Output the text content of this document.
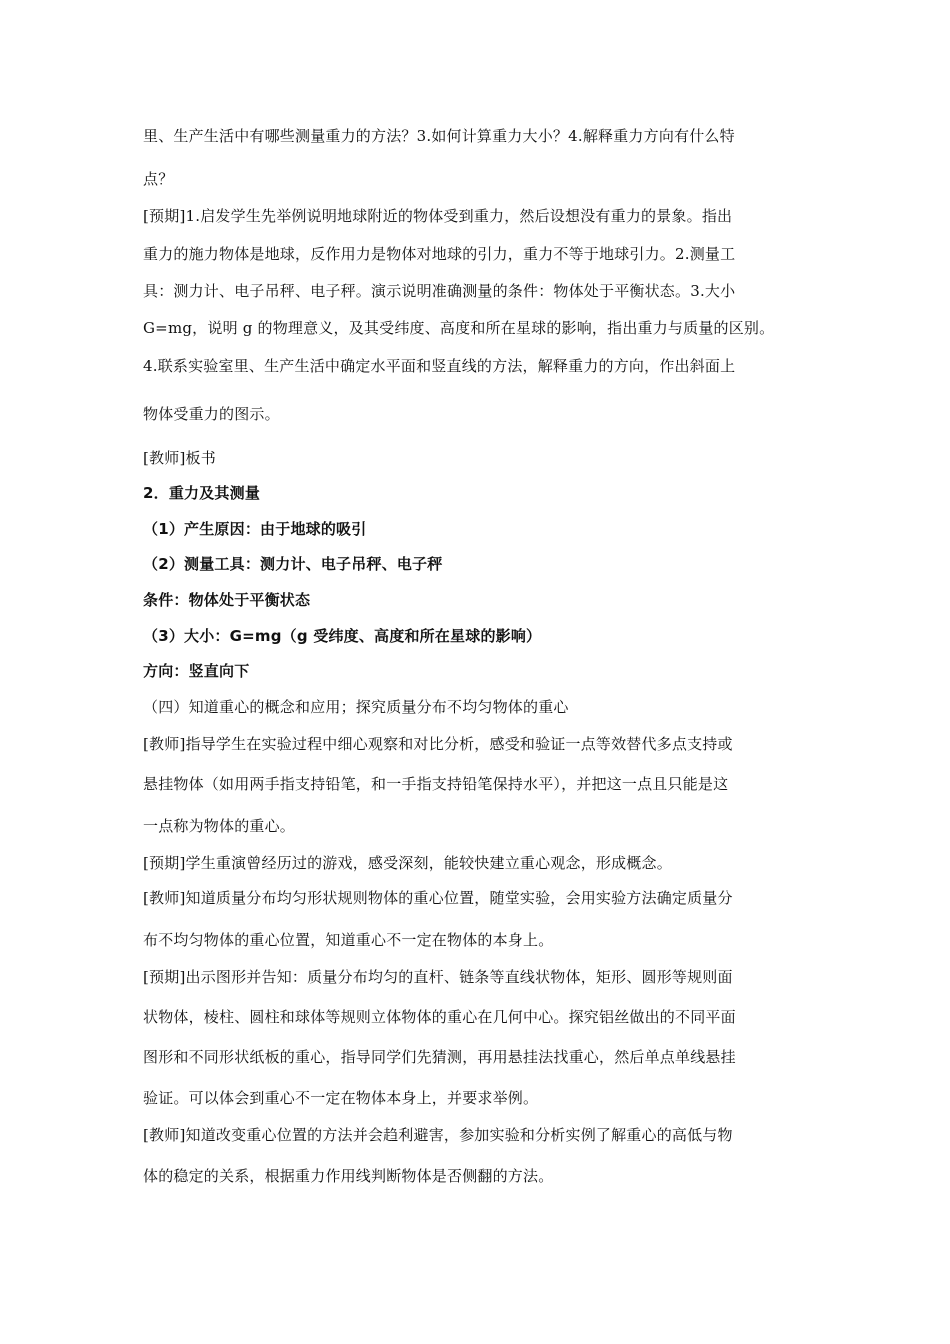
里、生产生活中有哪些测量重力的方法？3.如何计算重力大小？4.解释重力方向有什么特
点？
[预期]1.启发学生先举例说明地球附近的物体受到重力，然后设想没有重力的景象。指出
重力的施力物体是地球，反作用力是物体对地球的引力，重力不等于地球引力。2.测量工
具：测力计、电子吊秤、电子秤。演示说明准确测量的条件：物体处于平衡状态。3.大小
G=mg，说明 g 的物理意义，及其受纬度、高度和所在星球的影响，指出重力与质量的区别。
4.联系实验室里、生产生活中确定水平面和竖直线的方法，解释重力的方向，作出斜面上
物体受重力的图示。
[教师]板书
2．重力及其测量
（1）产生原因：由于地球的吸引
（2）测量工具：测力计、电子吊秤、电子秤
条件：物体处于平衡状态
（3）大小：G=mg（g 受纬度、高度和所在星球的影响）
方向：竖直向下
（四）知道重心的概念和应用；探究质量分布不均匀物体的重心
[教师]指导学生在实验过程中细心观察和对比分析，感受和验证一点等效替代多点支持或
悬挂物体（如用两手指支持铅笔，和一手指支持铅笔保持水平），并把这一点且只能是这
一点称为物体的重心。
[预期]学生重演曾经历过的游戏，感受深刻，能较快建立重心观念，形成概念。
[教师]知道质量分布均匀形状规则物体的重心位置，随堂实验，会用实验方法确定质量分
布不均匀物体的重心位置，知道重心不一定在物体的本身上。
[预期]出示图形并告知：质量分布均匀的直杆、链条等直线状物体，矩形、圆形等规则面
状物体，棱柱、圆柱和球体等规则立体物体的重心在几何中心。探究铝丝做出的不同平面
图形和不同形状纸板的重心，指导同学们先猜测，再用悬挂法找重心，然后单点单线悬挂
验证。可以体会到重心不一定在物体本身上，并要求举例。
[教师]知道改变重心位置的方法并会趋利避害，参加实验和分析实例了解重心的高低与物
体的稳定的关系，根据重力作用线判断物体是否侧翻的方法。
